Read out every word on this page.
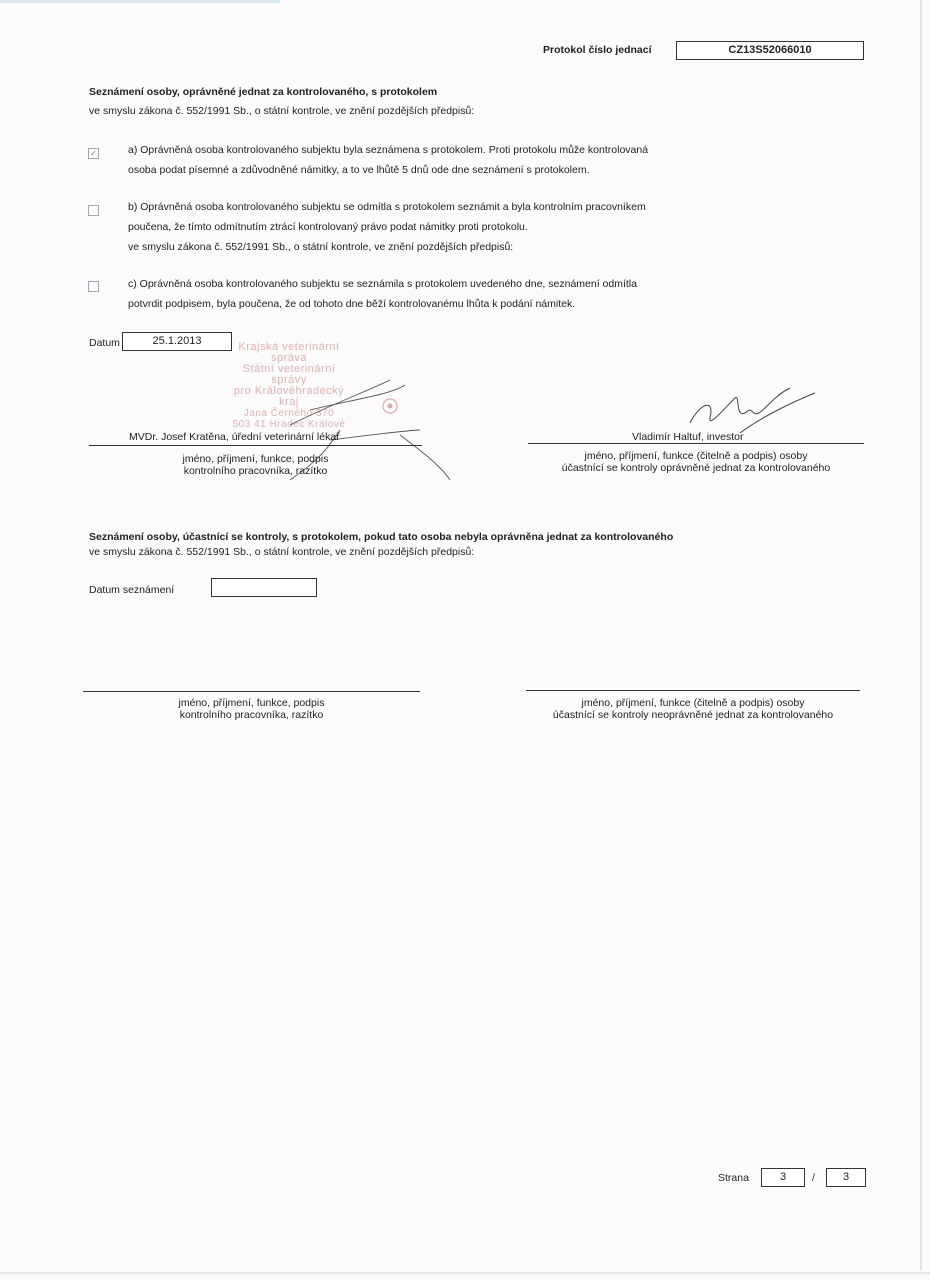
Protokol číslo jednací	CZ13S52066010
Seznámení osoby, oprávněné jednat za kontrolovaného, s protokolem
ve smyslu zákona č. 552/1991 Sb., o státní kontrole, ve znění pozdějších předpisů:
✓	a) Oprávněná osoba kontrolovaného subjektu byla seznámena s protokolem. Proti protokolu může kontrolovaná
osoba podat písemné a zdůvodněné námitky, a to ve lhůtě 5 dnů ode dne seznámení s protokolem.
b) Oprávněná osoba kontrolovaného subjektu se odmítla s protokolem seznámit a byla kontrolním pracovníkem
poučena, že tímto odmítnutím ztrácí kontrolovaný právo podat námitky proti protokolu.
ve smyslu zákona č. 552/1991 Sb., o státní kontrole, ve znění pozdějších předpisů:
c) Oprávněná osoba kontrolovaného subjektu se seznámila s protokolem uvedeného dne, seznámení odmítla
potvrdit podpisem, byla poučena, že od tohoto dne běží kontrolovanému lhůta k podání námitek.
Datum	25.1.2013	Krajská veterinární správa
Státní veterinární správy
pro Královéhradecký kraj
Jana Černého 370
503 41 Hradec Králové
MVDr. Josef Kratěna, úřední veterinární lékař
jméno, příjmení, funkce, podpis
kontrolního pracovníka, razítko
Vladimír Haltuf, investor
jméno, příjmení, funkce (čitelně a podpis) osoby
účastnící se kontroly oprávněné jednat za kontrolovaného
Seznámení osoby, účastnící se kontroly, s protokolem, pokud tato osoba nebyla oprávněna jednat za kontrolovaného
ve smyslu zákona č. 552/1991 Sb., o státní kontrole, ve znění pozdějších předpisů:
Datum seznámení
jméno, příjmení, funkce, podpis
kontrolního pracovníka, razítko
jméno, příjmení, funkce (čitelně a podpis) osoby
účastnící se kontroly neoprávněné jednat za kontrolovaného
Strana	3	/	3
